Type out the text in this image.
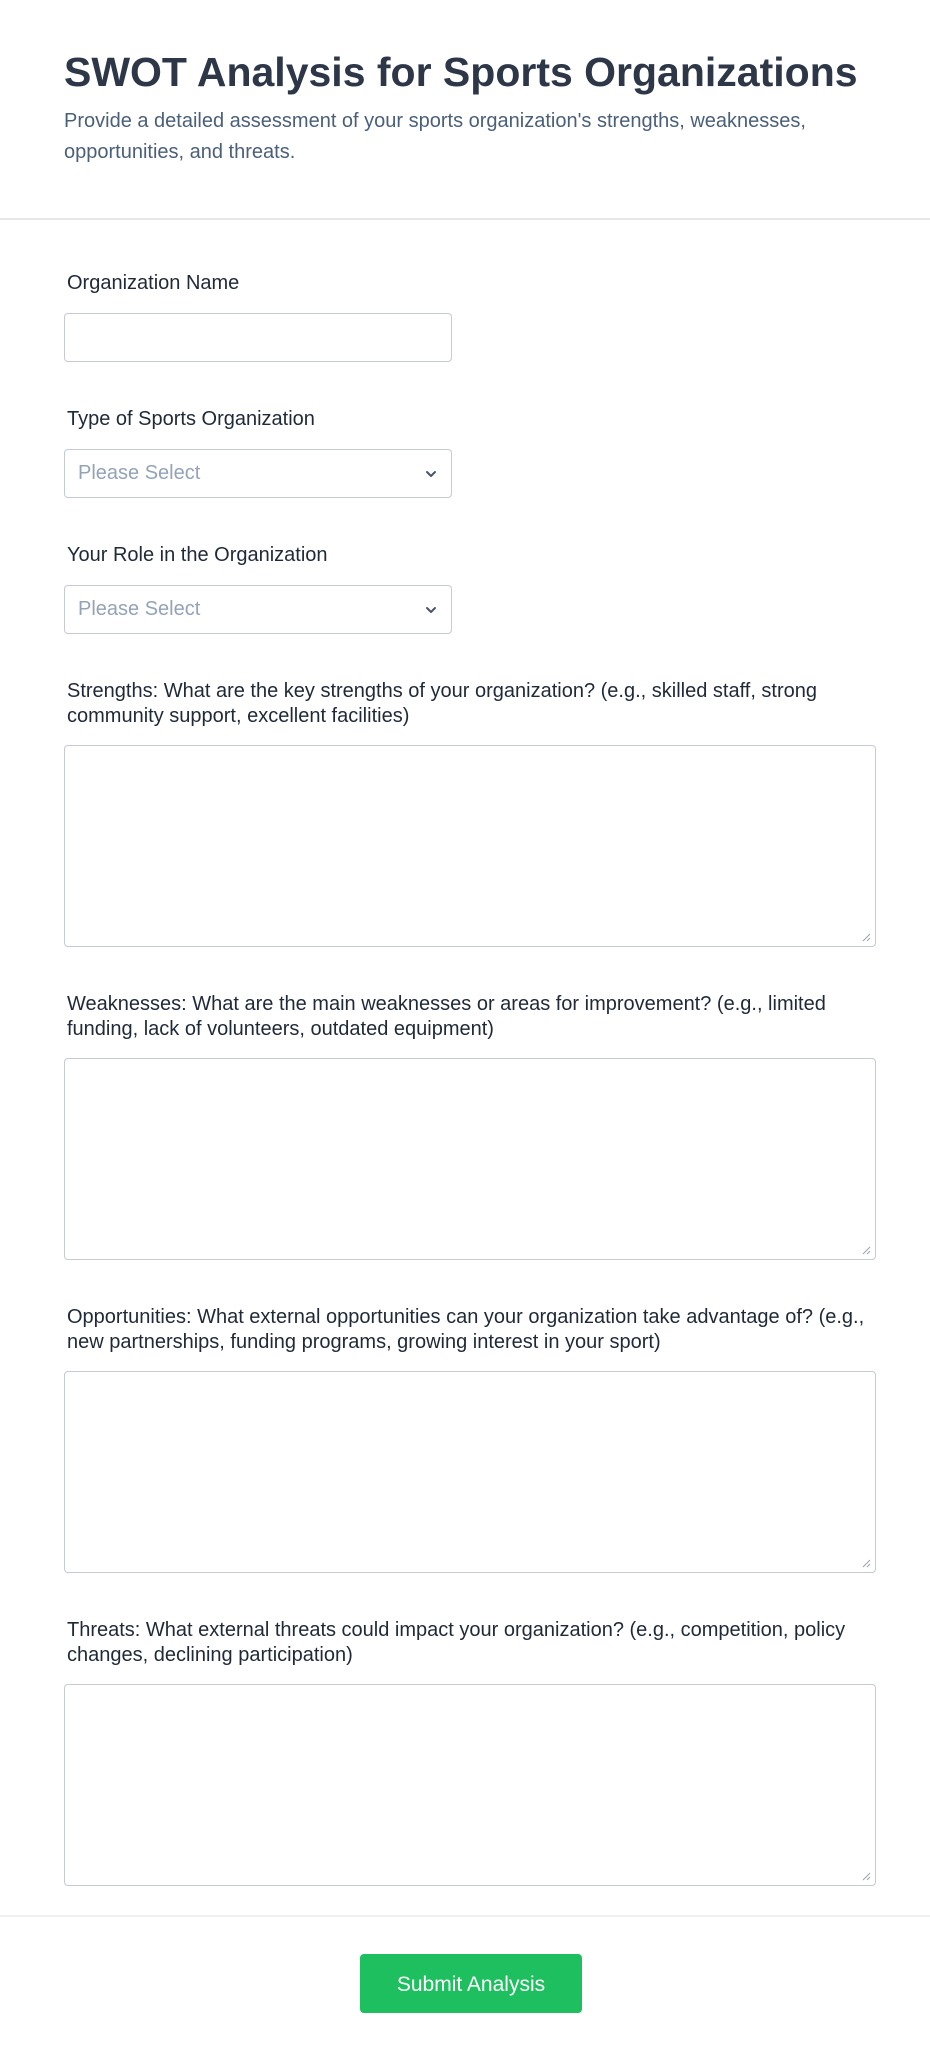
SWOT Analysis for Sports Organizations

Provide a detailed assessment of your sports organization's strengths, weaknesses, opportunities, and threats.

Organization Name
Type of Sports Organization
Please Select
Your Role in the Organization
Please Select
Strengths: What are the key strengths of your organization? (e.g., skilled staff, strong community support, excellent facilities)
Weaknesses: What are the main weaknesses or areas for improvement? (e.g., limited funding, lack of volunteers, outdated equipment)
Opportunities: What external opportunities can your organization take advantage of? (e.g., new partnerships, funding programs, growing interest in your sport)
Threats: What external threats could impact your organization? (e.g., competition, policy changes, declining participation)
Submit Analysis
